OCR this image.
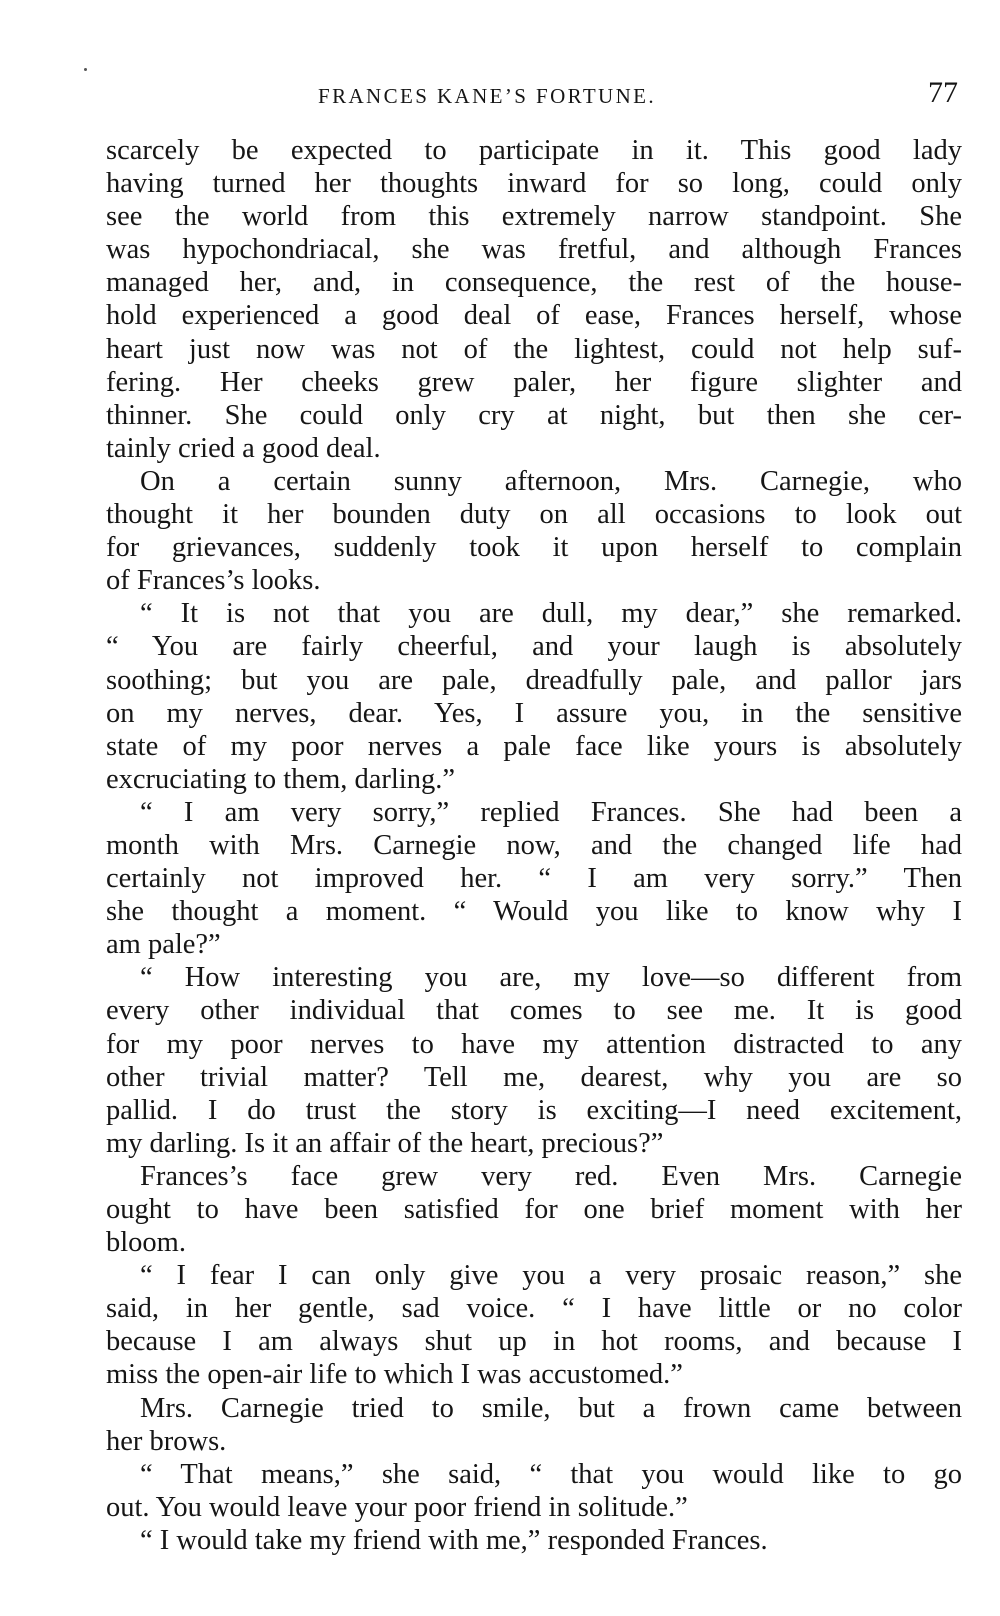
FRANCES KANE’S FORTUNE.	77
scarcely be expected to participate in it. This good lady
having turned her thoughts inward for so long, could only
see the world from this extremely narrow standpoint. She
was hypochondriacal, she was fretful, and although Frances
managed her, and, in consequence, the rest of the house-
hold experienced a good deal of ease, Frances herself, whose
heart just now was not of the lightest, could not help suf-
fering. Her cheeks grew paler, her figure slighter and
thinner. She could only cry at night, but then she cer-
tainly cried a good deal.
On a certain sunny afternoon, Mrs. Carnegie, who
thought it her bounden duty on all occasions to look out
for grievances, suddenly took it upon herself to complain
of Frances’s looks.
“ It is not that you are dull, my dear,” she remarked.
“ You are fairly cheerful, and your laugh is absolutely
soothing; but you are pale, dreadfully pale, and pallor jars
on my nerves, dear. Yes, I assure you, in the sensitive
state of my poor nerves a pale face like yours is absolutely
excruciating to them, darling.”
“ I am very sorry,” replied Frances. She had been a
month with Mrs. Carnegie now, and the changed life had
certainly not improved her. “ I am very sorry.” Then
she thought a moment. “ Would you like to know why I
am pale?”
“ How interesting you are, my love—so different from
every other individual that comes to see me. It is good
for my poor nerves to have my attention distracted to any
other trivial matter? Tell me, dearest, why you are so
pallid. I do trust the story is exciting—I need excitement,
my darling. Is it an affair of the heart, precious?”
Frances’s face grew very red. Even Mrs. Carnegie
ought to have been satisfied for one brief moment with her
bloom.
“ I fear I can only give you a very prosaic reason,” she
said, in her gentle, sad voice. “ I have little or no color
because I am always shut up in hot rooms, and because I
miss the open-air life to which I was accustomed.”
Mrs. Carnegie tried to smile, but a frown came between
her brows.
“ That means,” she said, “ that you would like to go
out. You would leave your poor friend in solitude.”
“ I would take my friend with me,” responded Frances.
